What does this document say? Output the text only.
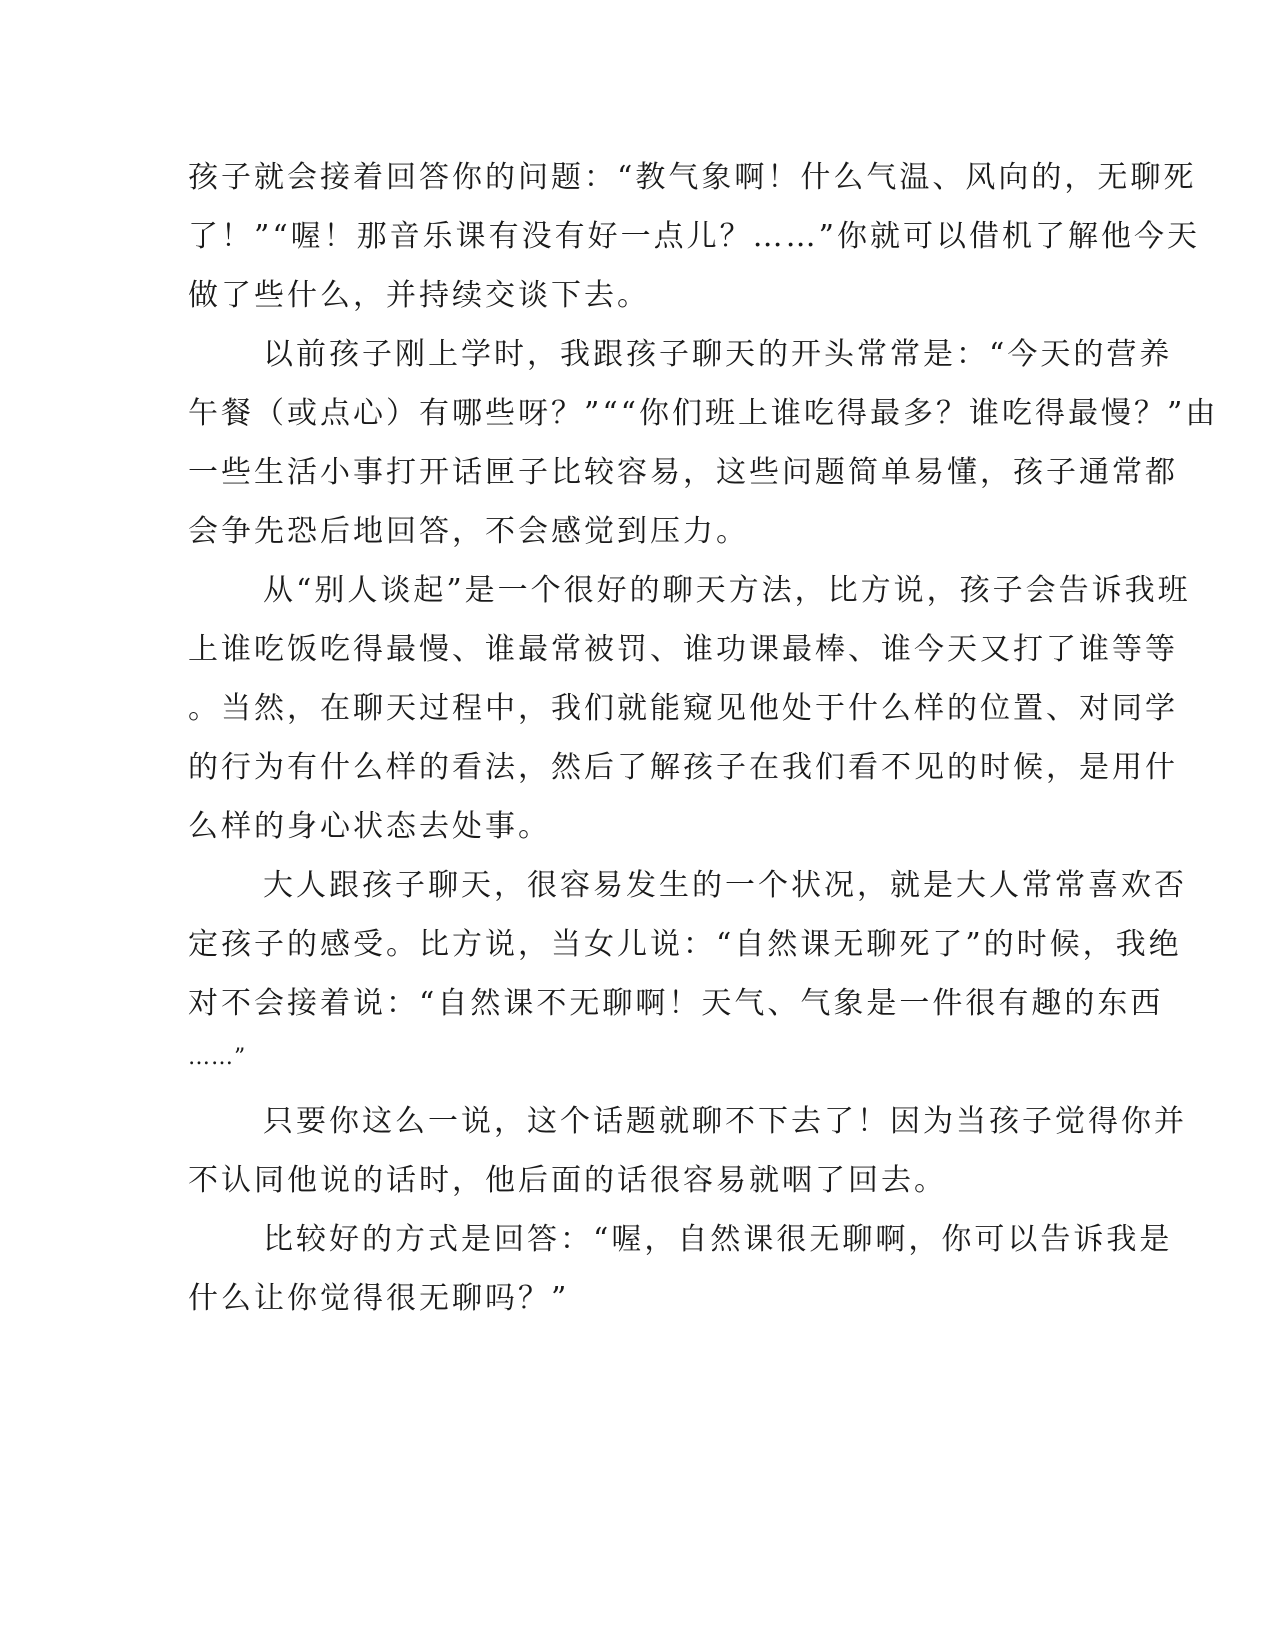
孩子就会接着回答你的问题：“教气象啊！什么气温、风向的，无聊死
了！”“喔！那音乐课有没有好一点儿？……”你就可以借机了解他今天
做了些什么，并持续交谈下去。
以前孩子刚上学时，我跟孩子聊天的开头常常是：“今天的营养
午餐（或点心）有哪些呀？”““你们班上谁吃得最多？谁吃得最慢？”由
一些生活小事打开话匣子比较容易，这些问题简单易懂，孩子通常都
会争先恐后地回答，不会感觉到压力。
从“别人谈起”是一个很好的聊天方法，比方说，孩子会告诉我班
上谁吃饭吃得最慢、谁最常被罚、谁功课最棒、谁今天又打了谁等等
。当然，在聊天过程中，我们就能窥见他处于什么样的位置、对同学
的行为有什么样的看法，然后了解孩子在我们看不见的时候，是用什
么样的身心状态去处事。
大人跟孩子聊天，很容易发生的一个状况，就是大人常常喜欢否
定孩子的感受。比方说，当女儿说：“自然课无聊死了”的时候，我绝
对不会接着说：“自然课不无聊啊！天气、气象是一件很有趣的东西
……”
只要你这么一说，这个话题就聊不下去了！因为当孩子觉得你并
不认同他说的话时，他后面的话很容易就咽了回去。
比较好的方式是回答：“喔，自然课很无聊啊，你可以告诉我是
什么让你觉得很无聊吗？”
